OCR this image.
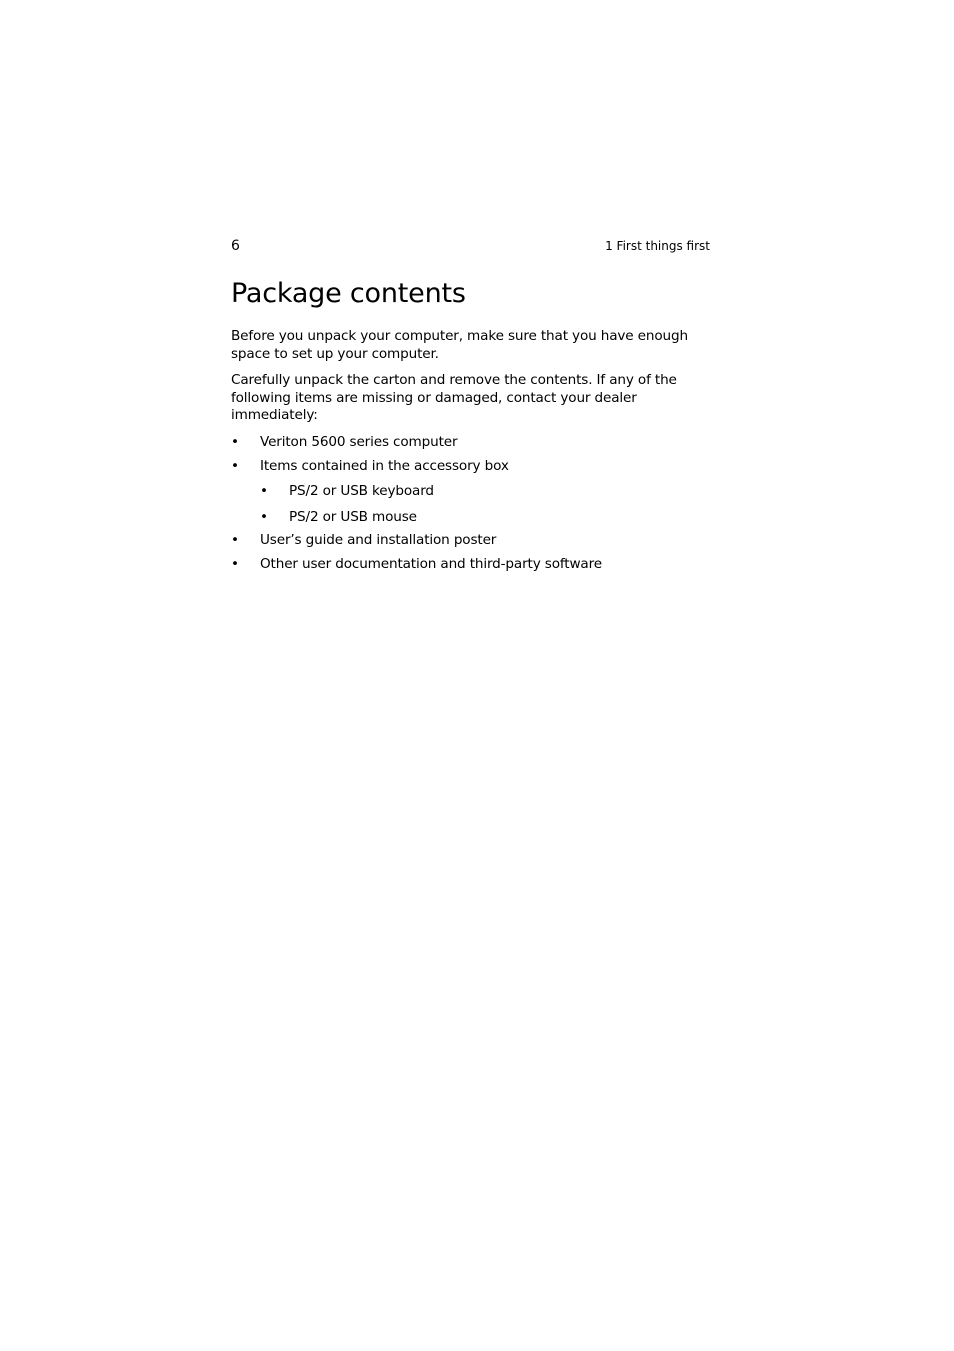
6	1 First things first
Package contents

Before you unpack your computer, make sure that you have enough space to set up your computer.

Carefully unpack the carton and remove the contents. If any of the following items are missing or damaged, contact your dealer immediately:

• Veriton 5600 series computer
• Items contained in the accessory box
• PS/2 or USB keyboard
• PS/2 or USB mouse
• User’s guide and installation poster
• Other user documentation and third-party software
